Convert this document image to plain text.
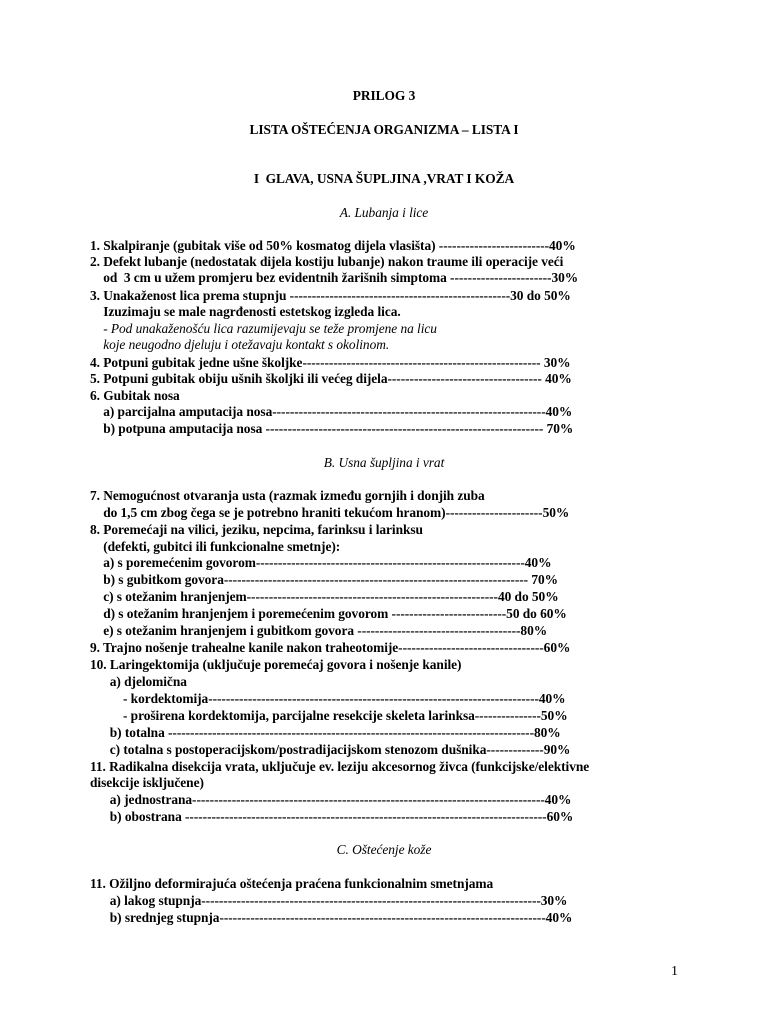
PRILOG 3
LISTA OŠTEĆENJA ORGANIZMA – LISTA I
I  GLAVA, USNA ŠUPLJINA ,VRAT I KOŽA
A. Lubanja i lice
1. Skalpiranje (gubitak više od 50% kosmatog dijela vlasišta) -------------------------40%
2. Defekt lubanje (nedostatak dijela kostiju lubanje) nakon traume ili operacije veći
od  3 cm u užem promjeru bez evidentnih žarišnih simptoma -----------------------30%
3. Unakaženost lica prema stupnju --------------------------------------------------30 do 50%
Izuzimaju se male nagrđenosti estetskog izgleda lica.
- Pod unakaženošću lica razumijevaju se teže promjene na licu
koje neugodno djeluju i otežavaju kontakt s okolinom.
4. Potpuni gubitak jedne ušne školjke------------------------------------------------------ 30%
5. Potpuni gubitak obiju ušnih školjki ili većeg dijela----------------------------------- 40%
6. Gubitak nosa
a) parcijalna amputacija nosa--------------------------------------------------------------40%
b) potpuna amputacija nosa --------------------------------------------------------------- 70%
B. Usna šupljina i vrat
7. Nemogućnost otvaranja usta (razmak između gornjih i donjih zuba
do 1,5 cm zbog čega se je potrebno hraniti tekućom hranom)----------------------50%
8. Poremećaji na vilici, jeziku, nepcima, farinksu i larinksu
(defekti, gubitci ili funkcionalne smetnje):
a) s poremećenim govorom-------------------------------------------------------------40%
b) s gubitkom govora--------------------------------------------------------------------- 70%
c) s otežanim hranjenjem---------------------------------------------------------40 do 50%
d) s otežanim hranjenjem i poremećenim govorom --------------------------50 do 60%
e) s otežanim hranjenjem i gubitkom govora -------------------------------------80%
9. Trajno nošenje trahealne kanile nakon traheotomije---------------------------------60%
10. Laringektomija (uključuje poremećaj govora i nošenje kanile)
a) djelomična
- kordektomija---------------------------------------------------------------------------40%
- proširena kordektomija, parcijalne resekcije skeleta larinksa---------------50%
b) totalna -----------------------------------------------------------------------------------80%
c) totalna s postoperacijskom/postradijacijskom stenozom dušnika-------------90%
11. Radikalna disekcija vrata, uključuje ev. leziju akcesornog živca (funkcijske/elektivne
disekcije isključene)
a) jednostrana--------------------------------------------------------------------------------40%
b) obostrana ----------------------------------------------------------------------------------60%
C. Oštećenje kože
11. Ožiljno deformirajuća oštećenja praćena funkcionalnim smetnjama
a) lakog stupnja-----------------------------------------------------------------------------30%
b) srednjeg stupnja--------------------------------------------------------------------------40%
1
